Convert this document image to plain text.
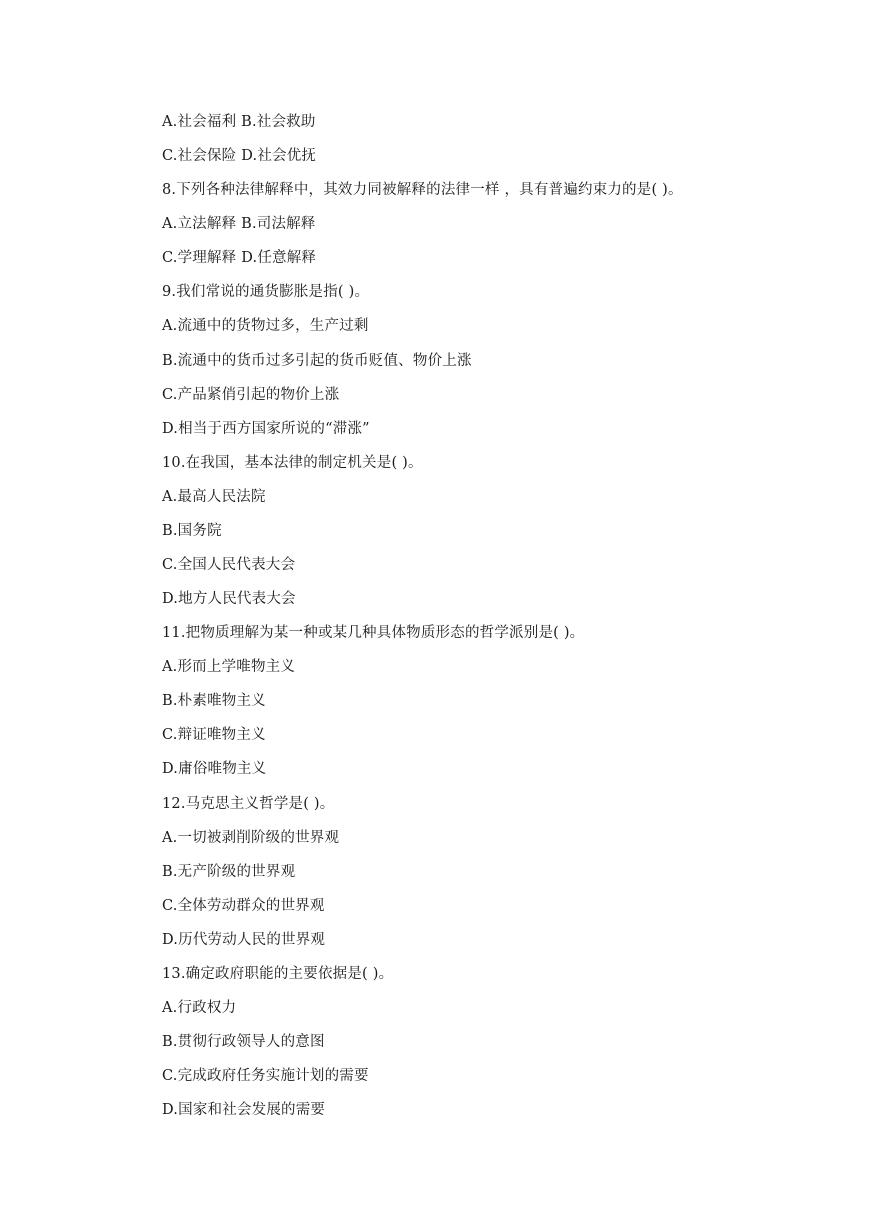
A.社会福利 B.社会救助
C.社会保险 D.社会优抚
8.下列各种法律解释中，其效力同被解释的法律一样 ，具有普遍约束力的是( )。
A.立法解释 B.司法解释
C.学理解释 D.任意解释
9.我们常说的通货膨胀是指( )。
A.流通中的货物过多，生产过剩
B.流通中的货币过多引起的货币贬值、物价上涨
C.产品紧俏引起的物价上涨
D.相当于西方国家所说的“滞涨”
10.在我国，基本法律的制定机关是( )。
A.最高人民法院
B.国务院
C.全国人民代表大会
D.地方人民代表大会
11.把物质理解为某一种或某几种具体物质形态的哲学派别是( )。
A.形而上学唯物主义
B.朴素唯物主义
C.辩证唯物主义
D.庸俗唯物主义
12.马克思主义哲学是( )。
A.一切被剥削阶级的世界观
B.无产阶级的世界观
C.全体劳动群众的世界观
D.历代劳动人民的世界观
13.确定政府职能的主要依据是( )。
A.行政权力
B.贯彻行政领导人的意图
C.完成政府任务实施计划的需要
D.国家和社会发展的需要
